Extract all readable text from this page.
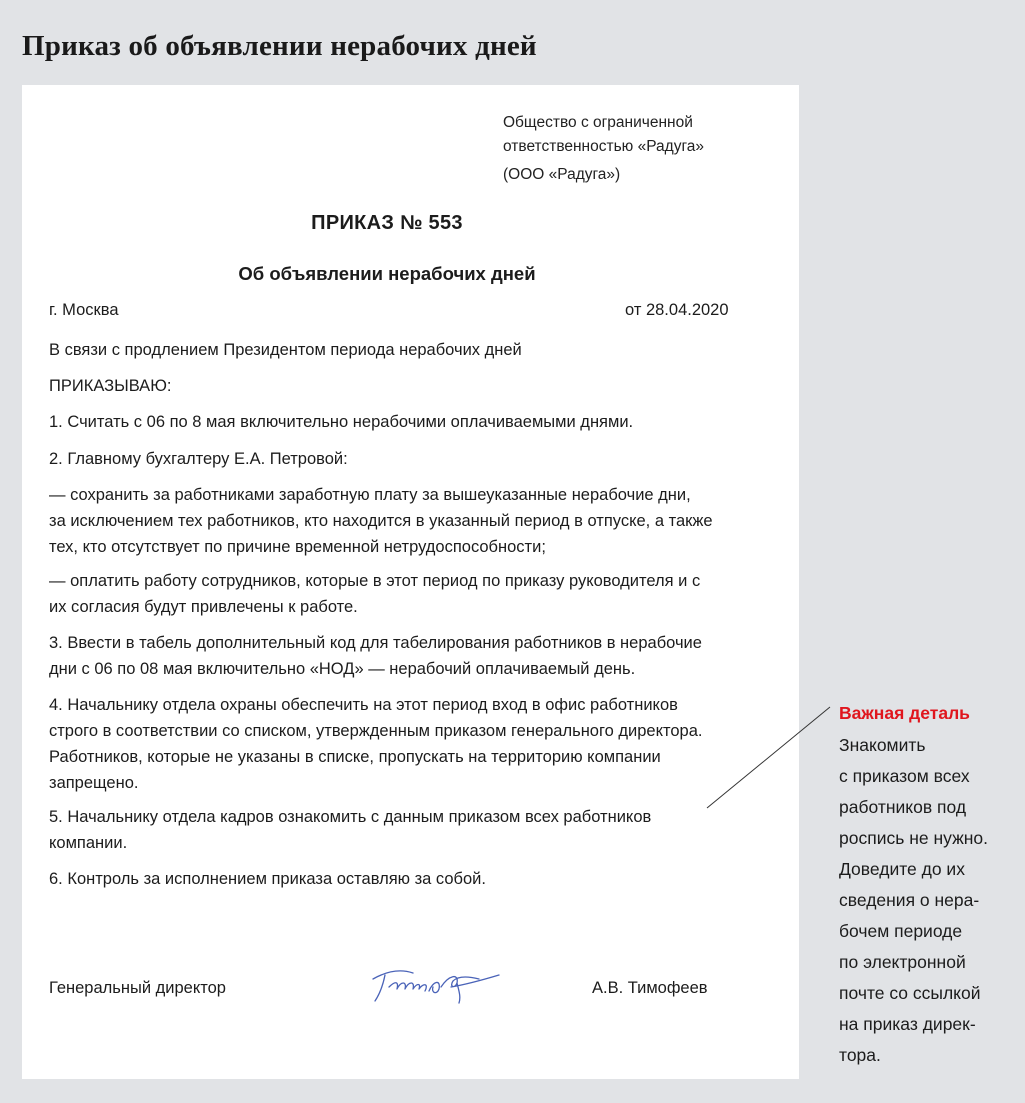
Приказ об объявлении нерабочих дней
Общество с ограниченной
ответственностью «Радуга»
(ООО «Радуга»)
ПРИКАЗ № 553
Об объявлении нерабочих дней
г. Москва	от 28.04.2020
В связи с продлением Президентом периода нерабочих дней
ПРИКАЗЫВАЮ:
1. Считать с 06 по 8 мая включительно нерабочими оплачиваемыми днями.
2. Главному бухгалтеру Е.А. Петровой:
— сохранить за работниками заработную плату за вышеуказанные нерабочие дни,
за исключением тех работников, кто находится в указанный период в отпуске, а также
тех, кто отсутствует по причине временной нетрудоспособности;
— оплатить работу сотрудников, которые в этот период по приказу руководителя и с
их согласия будут привлечены к работе.
3. Ввести в табель дополнительный код для табелирования работников в нерабочие
дни с 06 по 08 мая включительно «НОД» — нерабочий оплачиваемый день.
4. Начальнику отдела охраны обеспечить на этот период вход в офис работников
строго в соответствии со списком, утвержденным приказом генерального директора.
Работников, которые не указаны в списке, пропускать на территорию компании
запрещено.
5. Начальнику отдела кадров ознакомить с данным приказом всех работников
компании.
6. Контроль за исполнением приказа оставляю за собой.
Генеральный директор	А.В. Тимофеев
Важная деталь
Знакомить
с приказом всех
работников под
роспись не нужно.
Доведите до их
сведения о нера-
бочем периоде
по электронной
почте со ссылкой
на приказ дирек-
тора.
